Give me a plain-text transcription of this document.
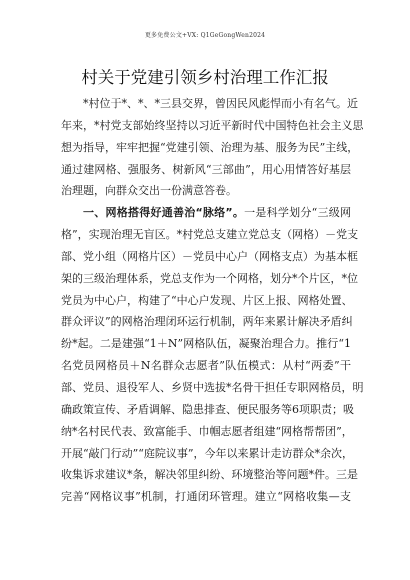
更多免费公文+VX: Q1GeGongWen2024
村关于党建引领乡村治理工作汇报
*村位于*、*、*三县交界，曾因民风彪悍而小有名气。近
年来，*村党支部始终坚持以习近平新时代中国特色社会主义思
想为指导，牢牢把握“党建引领、治理为基、服务为民”主线，
通过建网格、强服务、树新风“三部曲”，用心用情答好基层
治理题，向群众交出一份满意答卷。
一、网格搭得好通善治“脉络”。一是科学划分“三级网
格”，实现治理无盲区。*村党总支建立党总支（网格）－党支
部、党小组（网格片区）－党员中心户（网格支点）为基本框
架的三级治理体系，党总支作为一个网格，划分*个片区，*位
党员为中心户，构建了“中心户发现、片区上报、网格处置、
群众评议”的网格治理闭环运行机制，两年来累计解决矛盾纠
纷*起。二是建强“1＋N”网格队伍，凝聚治理合力。推行“1
名党员网格员＋N名群众志愿者”队伍模式：从村“两委”干
部、党员、退役军人、乡贤中选拔*名骨干担任专职网格员，明
确政策宣传、矛盾调解、隐患排查、便民服务等6项职责；吸
纳*名村民代表、致富能手、巾帼志愿者组建“网格帮帮团”，
开展“敲门行动”“庭院议事”，今年以来累计走访群众*余次，
收集诉求建议*条，解决邻里纠纷、环境整治等问题*件。三是
完善“网格议事”机制，打通闭环管理。建立“网格收集—支
